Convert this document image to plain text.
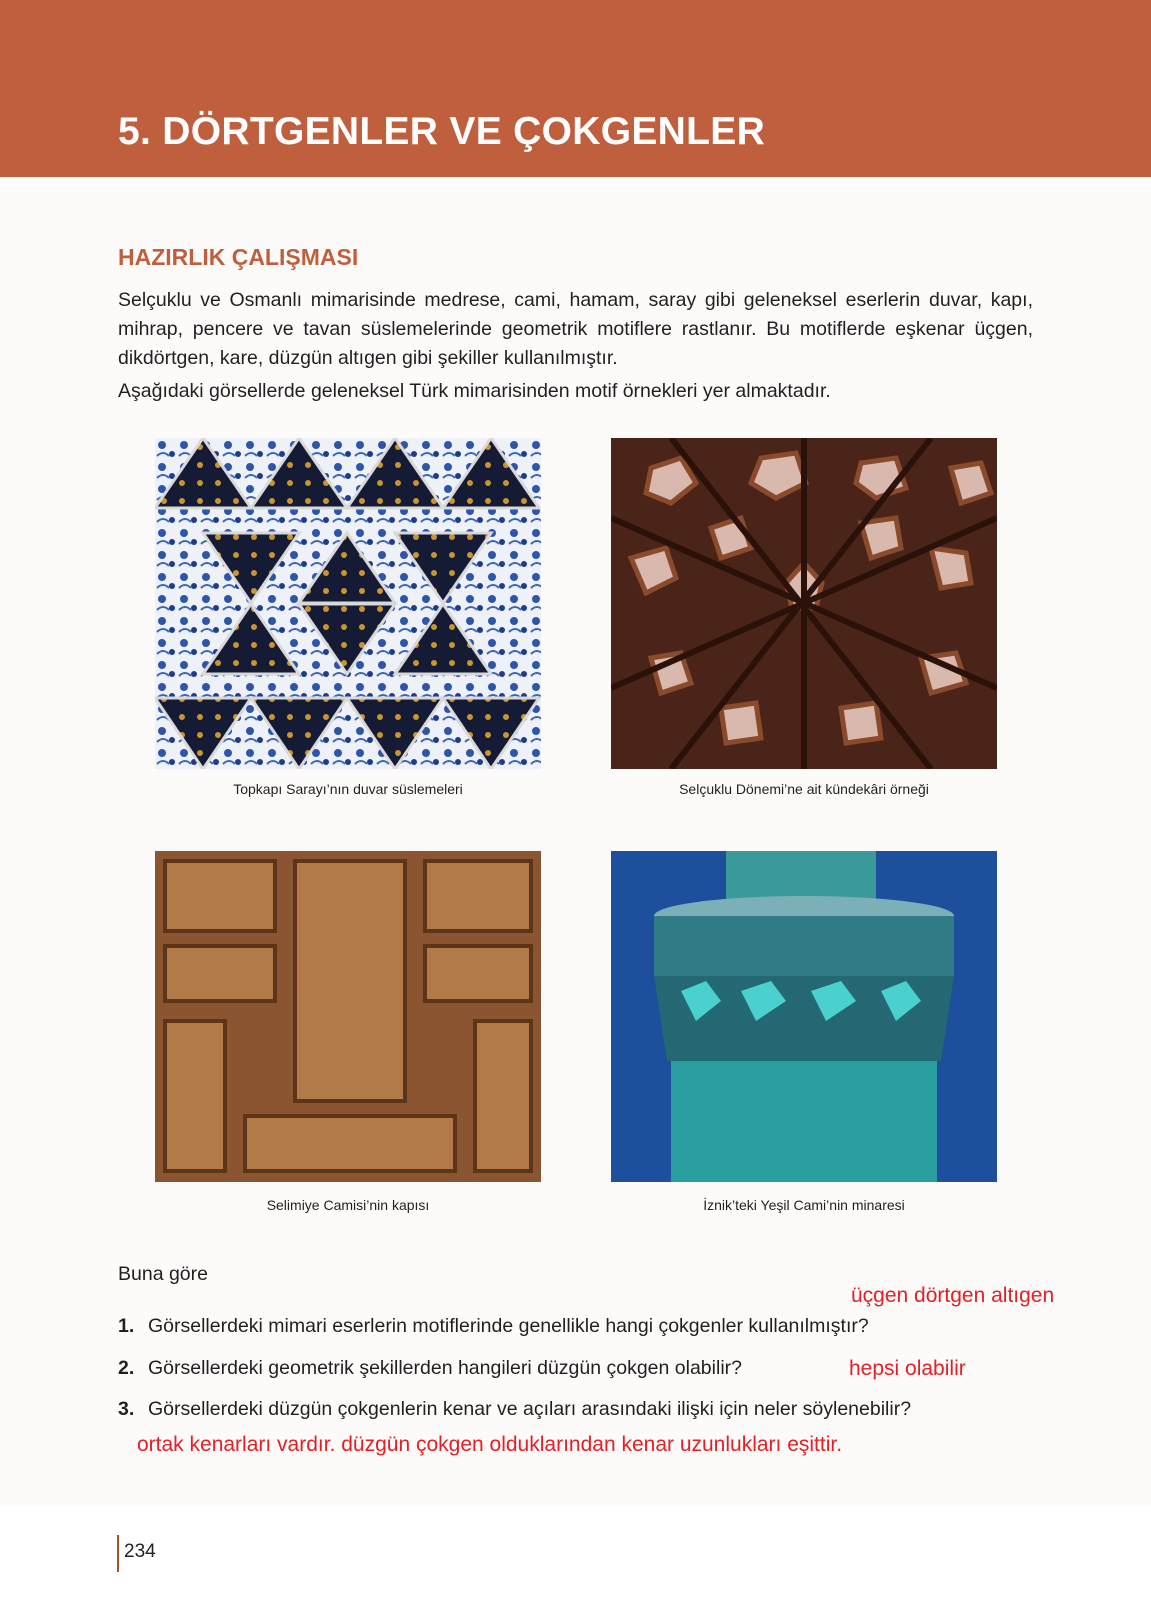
5. DÖRTGENLER VE ÇOKGENLER
HAZIRLIK ÇALIŞMASI
Selçuklu ve Osmanlı mimarisinde medrese, cami, hamam, saray gibi geleneksel eserlerin duvar, kapı, mihrap, pencere ve tavan süslemelerinde geometrik motiflere rastlanır. Bu motiflerde eşkenar üçgen, dikdörtgen, kare, düzgün altıgen gibi şekiller kullanılmıştır.
Aşağıdaki görsellerde geleneksel Türk mimarisinden motif örnekleri yer almaktadır.
Topkapı Sarayı’nın duvar süslemeleri	Selçuklu Dönemi’ne ait kündekâri örneği
Selimiye Camisi’nin kapısı	İznik’teki Yeşil Cami’nin minaresi
Buna göre
1. Görsellerdeki mimari eserlerin motiflerinde genellikle hangi çokgenler kullanılmıştır?
2. Görsellerdeki geometrik şekillerden hangileri düzgün çokgen olabilir?
3. Görsellerdeki düzgün çokgenlerin kenar ve açıları arasındaki ilişki için neler söylenebilir?
üçgen dörtgen altıgen
hepsi olabilir
ortak kenarları vardır. düzgün çokgen olduklarından kenar uzunlukları eşittir.
234
